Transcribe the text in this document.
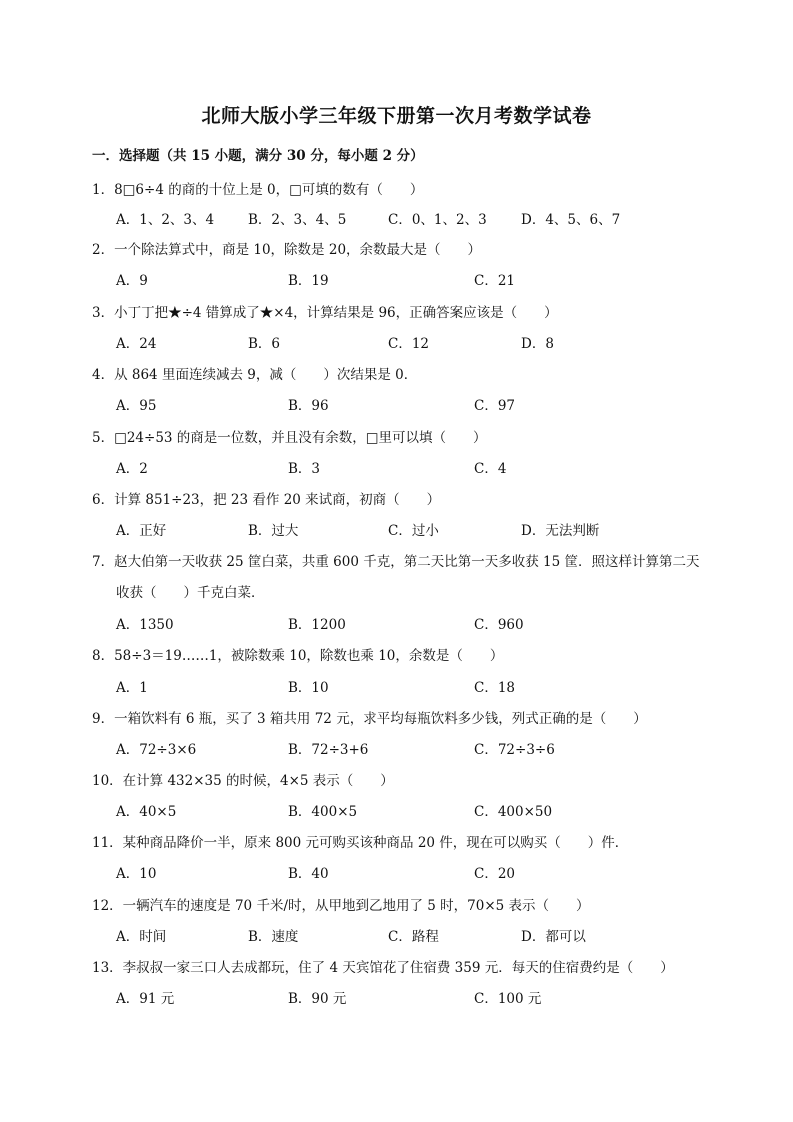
北师大版小学三年级下册第一次月考数学试卷
一．选择题（共 15 小题，满分 30 分，每小题 2 分）
1．8□6÷4 的商的十位上是 0，□可填的数有（　　）
A．1、2、3、4	B．2、3、4、5	C．0、1、2、3	D．4、5、6、7
2．一个除法算式中，商是 10，除数是 20，余数最大是（　　）
A．9	B．19	C．21
3．小丁丁把★÷4 错算成了★×4，计算结果是 96，正确答案应该是（　　）
A．24	B．6	C．12	D．8
4．从 864 里面连续减去 9，减（　　）次结果是 0．
A．95	B．96	C．97
5．□24÷53 的商是一位数，并且没有余数，□里可以填（　　）
A．2	B．3	C．4
6．计算 851÷23，把 23 看作 20 来试商，初商（　　）
A．正好	B．过大	C．过小	D．无法判断
7．赵大伯第一天收获 25 筐白菜，共重 600 千克，第二天比第一天多收获 15 筐．照这样计算第二天
收获（　　）千克白菜．
A．1350	B．1200	C．960
8．58÷3＝19……1，被除数乘 10，除数也乘 10，余数是（　　）
A．1	B．10	C．18
9．一箱饮料有 6 瓶，买了 3 箱共用 72 元，求平均每瓶饮料多少钱，列式正确的是（　　）
A．72÷3×6	B．72÷3+6	C．72÷3÷6
10．在计算 432×35 的时候，4×5 表示（　　）
A．40×5	B．400×5	C．400×50
11．某种商品降价一半，原来 800 元可购买该种商品 20 件，现在可以购买（　　）件．
A．10	B．40	C．20
12．一辆汽车的速度是 70 千米/时，从甲地到乙地用了 5 时，70×5 表示（　　）
A．时间	B．速度	C．路程	D．都可以
13．李叔叔一家三口人去成都玩，住了 4 天宾馆花了住宿费 359 元．每天的住宿费约是（　　）
A．91 元	B．90 元	C．100 元
